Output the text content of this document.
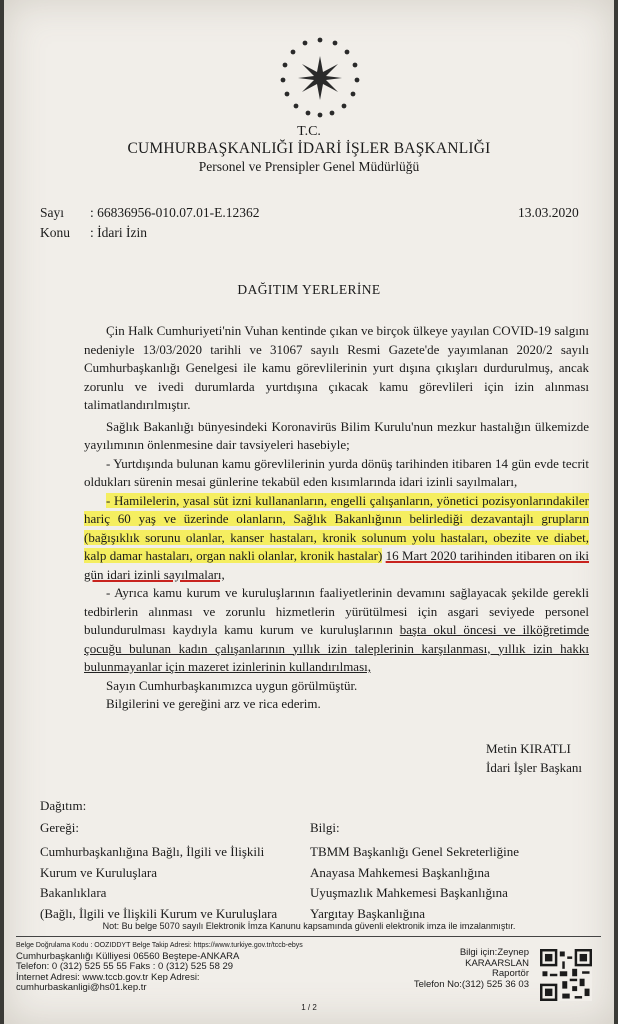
T.C.
CUMHURBAŞKANLIĞI İDARİ İŞLER BAŞKANLIĞI
Personel ve Prensipler Genel Müdürlüğü
Sayı : 66836956-010.07.01-E.12362	13.03.2020
Konu : İdari İzin
DAĞITIM YERLERİNE

Çin Halk Cumhuriyeti'nin Vuhan kentinde çıkan ve birçok ülkeye yayılan COVID-19 salgını nedeniyle 13/03/2020 tarihli ve 31067 sayılı Resmi Gazete'de yayımlanan 2020/2 sayılı Cumhurbaşkanlığı Genelgesi ile kamu görevlilerinin yurt dışına çıkışları durdurulmuş, ancak zorunlu ve ivedi durumlarda yurtdışına çıkacak kamu görevlileri için izin alınması talimatlandırılmıştır.

Sağlık Bakanlığı bünyesindeki Koronavirüs Bilim Kurulu'nun mezkur hastalığın ülkemizde yayılımının önlenmesine dair tavsiyeleri hasebiyle;

- Yurtdışında bulunan kamu görevlilerinin yurda dönüş tarihinden itibaren 14 gün evde tecrit oldukları sürenin mesai günlerine tekabül eden kısımlarında idari izinli sayılmaları,

- Hamilelerin, yasal süt izni kullananların, engelli çalışanların, yönetici pozisyonlarındakiler hariç 60 yaş ve üzerinde olanların, Sağlık Bakanlığının belirlediği dezavantajlı grupların (bağışıklık sorunu olanlar, kanser hastaları, kronik solunum yolu hastaları, obezite ve diabet, kalp damar hastaları, organ nakli olanlar, kronik hastalar) 16 Mart 2020 tarihinden itibaren on iki gün idari izinli sayılmaları,

- Ayrıca kamu kurum ve kuruluşlarının faaliyetlerinin devamını sağlayacak şekilde gerekli tedbirlerin alınması ve zorunlu hizmetlerin yürütülmesi için asgari seviyede personel bulundurulması kaydıyla kamu kurum ve kuruluşlarının başta okul öncesi ve ilköğretimde çocuğu bulunan kadın çalışanlarının yıllık izin taleplerinin karşılanması, yıllık izin hakkı bulunmayanlar için mazeret izinlerinin kullandırılması,

Sayın Cumhurbaşkanımızca uygun görülmüştür.

Bilgilerini ve gereğini arz ve rica ederim.

Metin KIRATLI
İdari İşler Başkanı
Dağıtım:
Gereği:	Bilgi:
Cumhurbaşkanlığına Bağlı, İlgili ve İlişkili
Kurum ve Kuruluşlara
Bakanlıklara
(Bağlı, İlgili ve İlişkili Kurum ve Kuruluşlara
TBMM Başkanlığı Genel Sekreterliğine
Anayasa Mahkemesi Başkanlığına
Uyuşmazlık Mahkemesi Başkanlığına
Yargıtay Başkanlığına
Not: Bu belge 5070 sayılı Elektronik İmza Kanunu kapsamında güvenli elektronik imza ile imzalanmıştır.
Belge Doğrulama Kodu : OOZIDDYT Belge Takip Adresi: https://www.turkiye.gov.tr/tccb-ebys
Cumhurbaşkanlığı Külliyesi 06560 Beştepe-ANKARA
Telefon: 0 (312) 525 55 55 Faks : 0 (312) 525 58 29
İnternet Adresi: www.tccb.gov.tr Kep Adresi:
cumhurbaskanligi@hs01.kep.tr
Bilgi için:Zeynep
KARAARSLAN
Raportör
Telefon No:(312) 525 36 03
1 / 2
